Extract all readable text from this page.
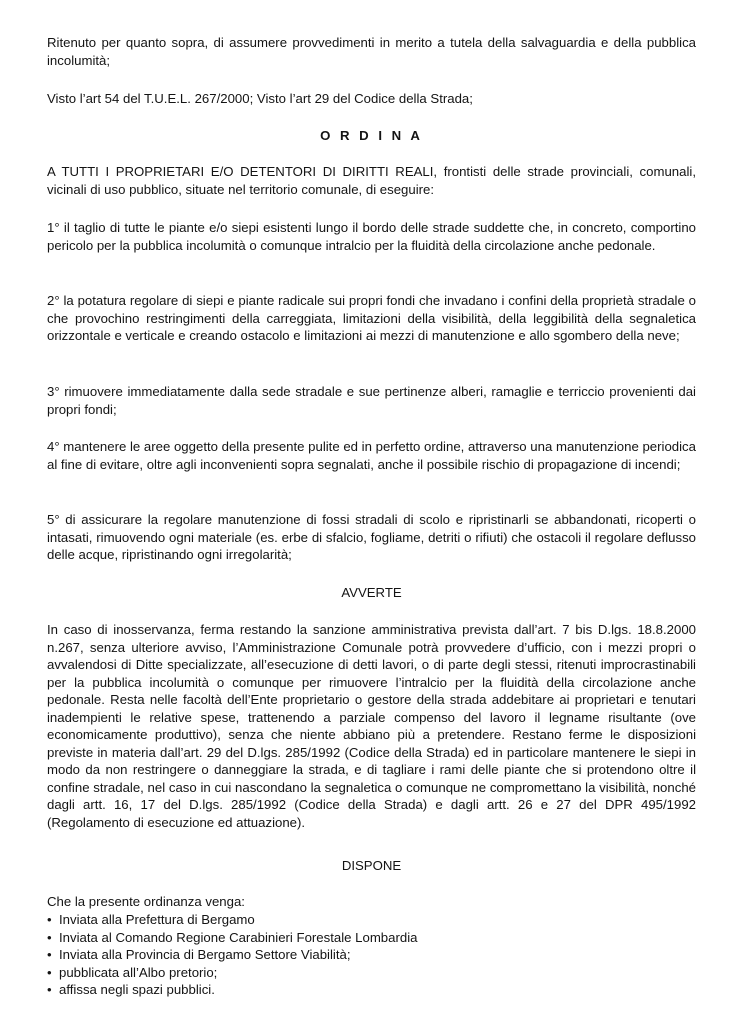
Ritenuto per quanto sopra, di assumere provvedimenti in merito a tutela della salvaguardia e della pubblica incolumità;

Visto l’art 54 del T.U.E.L. 267/2000; Visto l’art 29 del Codice della Strada;

O R D I N A

A TUTTI I PROPRIETARI E/O DETENTORI DI DIRITTI REALI, frontisti delle strade provinciali, comunali, vicinali di uso pubblico, situate nel territorio comunale, di eseguire:

1° il taglio di tutte le piante e/o siepi esistenti lungo il bordo delle strade suddette che, in concreto, comportino pericolo per la pubblica incolumità o comunque intralcio per la fluidità della circolazione anche pedonale.

2° la potatura regolare di siepi e piante radicale sui propri fondi che invadano i confini della proprietà stradale o che provochino restringimenti della carreggiata, limitazioni della visibilità, della leggibilità della segnaletica orizzontale e verticale e creando ostacolo e limitazioni ai mezzi di manutenzione e allo sgombero della neve;

3° rimuovere immediatamente dalla sede stradale e sue pertinenze alberi, ramaglie e terriccio provenienti dai propri fondi;

4° mantenere le aree oggetto della presente pulite ed in perfetto ordine, attraverso una manutenzione periodica al fine di evitare, oltre agli inconvenienti sopra segnalati, anche il possibile rischio di propagazione di incendi;

5° di assicurare la regolare manutenzione di fossi stradali di scolo e ripristinarli se abbandonati, ricoperti o intasati, rimuovendo ogni materiale (es. erbe di sfalcio, fogliame, detriti o rifiuti) che ostacoli il regolare deflusso delle acque, ripristinando ogni irregolarità;

AVVERTE

In caso di inosservanza, ferma restando la sanzione amministrativa prevista dall’art. 7 bis D.lgs. 18.8.2000 n.267, senza ulteriore avviso, l’Amministrazione Comunale potrà provvedere d’ufficio, con i mezzi propri o avvalendosi di Ditte specializzate, all’esecuzione di detti lavori, o di parte degli stessi, ritenuti improcrastinabili per la pubblica incolumità o comunque per rimuovere l’intralcio per la fluidità della circolazione anche pedonale. Resta nelle facoltà dell’Ente proprietario o gestore della strada addebitare ai proprietari e tenutari inadempienti le relative spese, trattenendo a parziale compenso del lavoro il legname risultante (ove economicamente produttivo), senza che niente abbiano più a pretendere. Restano ferme le disposizioni previste in materia dall’art. 29 del D.lgs. 285/1992 (Codice della Strada) ed in particolare mantenere le siepi in modo da non restringere o danneggiare la strada, e di tagliare i rami delle piante che si protendono oltre il confine stradale, nel caso in cui nascondano la segnaletica o comunque ne compromettano la visibilità, nonché dagli artt. 16, 17 del D.lgs. 285/1992 (Codice della Strada) e dagli artt. 26 e 27 del DPR 495/1992 (Regolamento di esecuzione ed attuazione).

DISPONE

Che la presente ordinanza venga:

• Inviata alla Prefettura di Bergamo
• Inviata al Comando Regione Carabinieri Forestale Lombardia
• Inviata alla Provincia di Bergamo Settore Viabilità;
• pubblicata all’Albo pretorio;
• affissa negli spazi pubblici.
